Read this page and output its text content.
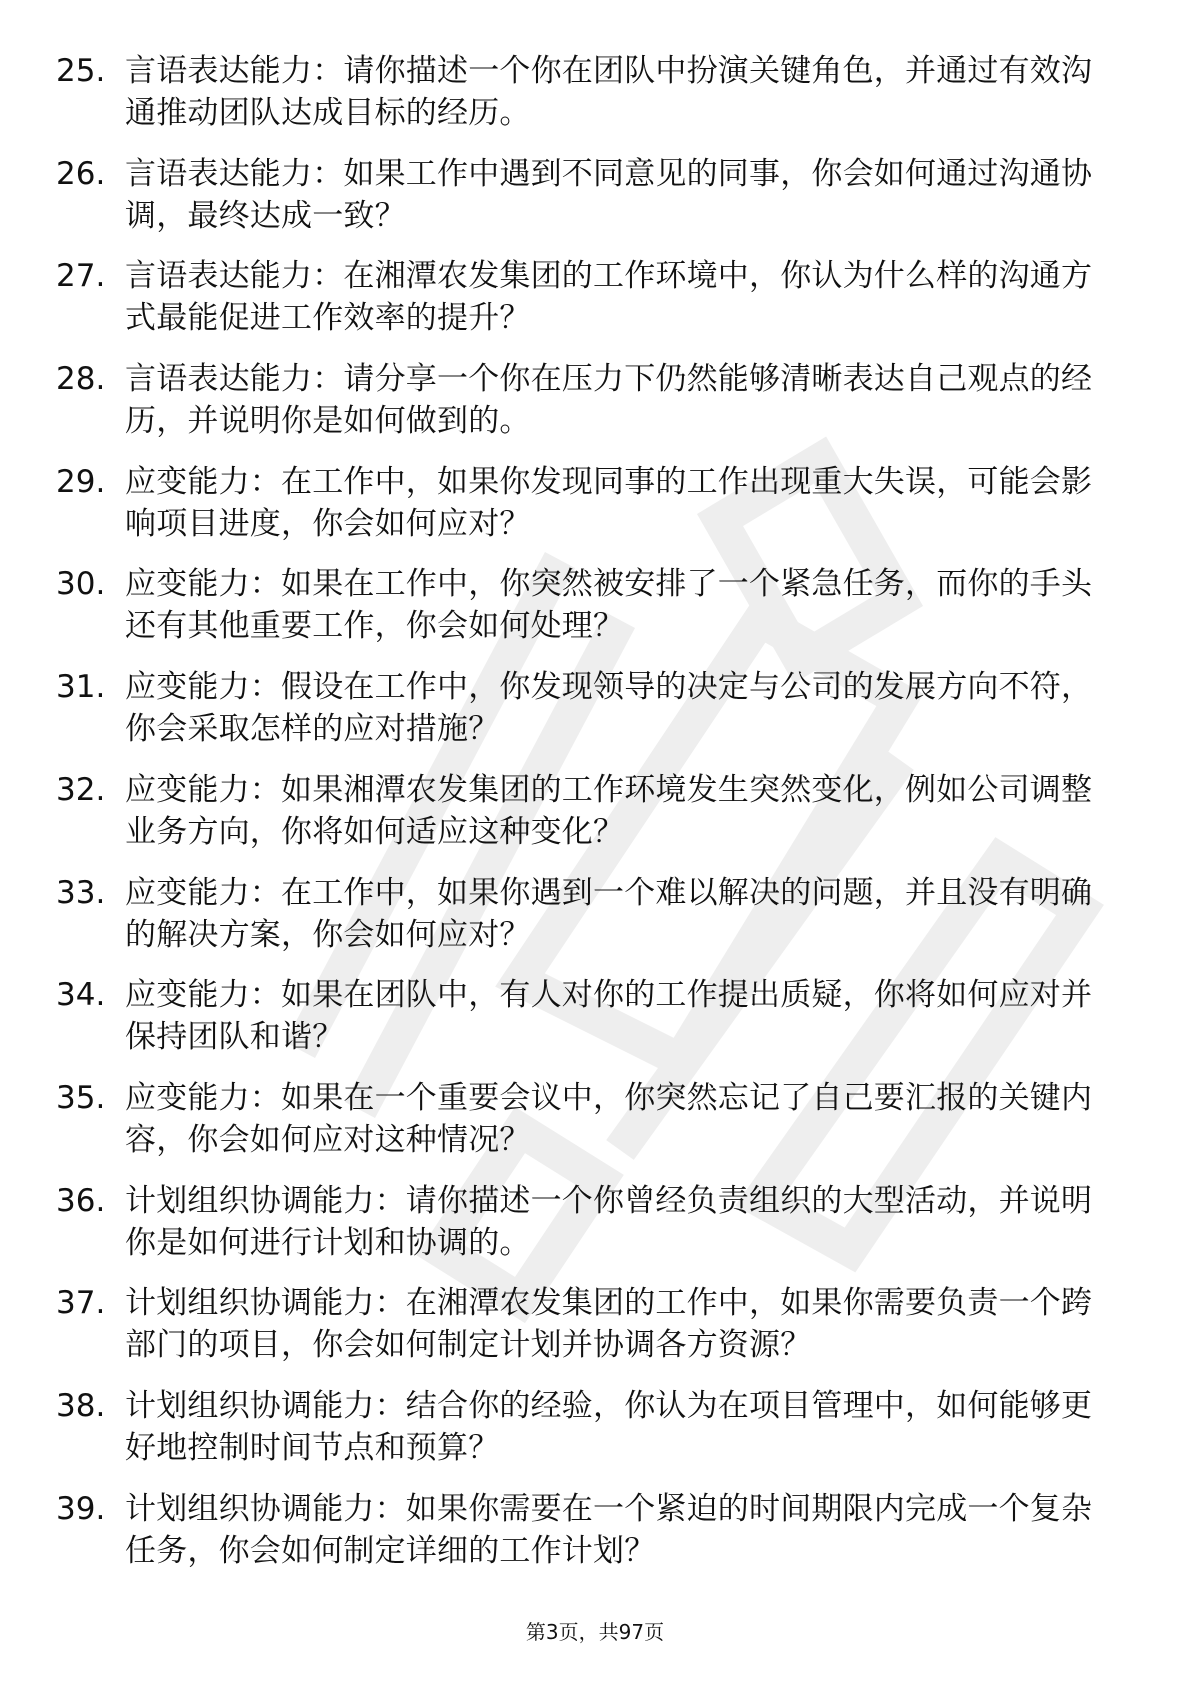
25. 言语表达能力：请你描述一个你在团队中扮演关键角色，并通过有效沟通推动团队达成目标的经历。
26. 言语表达能力：如果工作中遇到不同意见的同事，你会如何通过沟通协调，最终达成一致？
27. 言语表达能力：在湘潭农发集团的工作环境中，你认为什么样的沟通方式最能促进工作效率的提升？
28. 言语表达能力：请分享一个你在压力下仍然能够清晰表达自己观点的经历，并说明你是如何做到的。
29. 应变能力：在工作中，如果你发现同事的工作出现重大失误，可能会影响项目进度，你会如何应对？
30. 应变能力：如果在工作中，你突然被安排了一个紧急任务，而你的手头还有其他重要工作，你会如何处理？
31. 应变能力：假设在工作中，你发现领导的决定与公司的发展方向不符，你会采取怎样的应对措施？
32. 应变能力：如果湘潭农发集团的工作环境发生突然变化，例如公司调整业务方向，你将如何适应这种变化？
33. 应变能力：在工作中，如果你遇到一个难以解决的问题，并且没有明确的解决方案，你会如何应对？
34. 应变能力：如果在团队中，有人对你的工作提出质疑，你将如何应对并保持团队和谐？
35. 应变能力：如果在一个重要会议中，你突然忘记了自己要汇报的关键内容，你会如何应对这种情况？
36. 计划组织协调能力：请你描述一个你曾经负责组织的大型活动，并说明你是如何进行计划和协调的。
37. 计划组织协调能力：在湘潭农发集团的工作中，如果你需要负责一个跨部门的项目，你会如何制定计划并协调各方资源？
38. 计划组织协调能力：结合你的经验，你认为在项目管理中，如何能够更好地控制时间节点和预算？
39. 计划组织协调能力：如果你需要在一个紧迫的时间期限内完成一个复杂任务，你会如何制定详细的工作计划？
第3页，共97页
